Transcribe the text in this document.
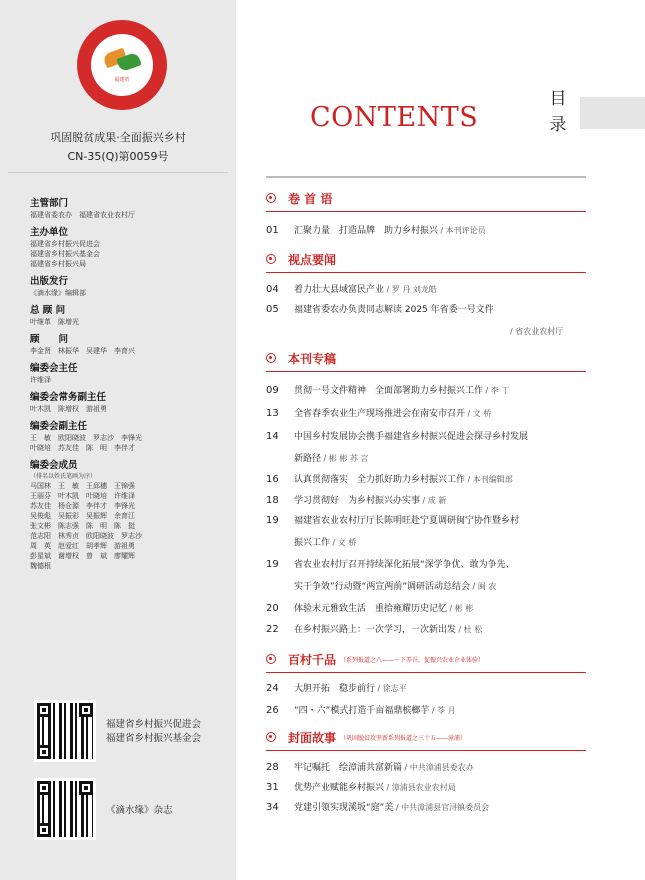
福建省
巩固脱贫成果·全面振兴乡村
CN-35(Q)第0059号
主管部门
福建省委农办　福建省农业农村厅
主办单位
福建省乡村振兴促进会
福建省乡村振兴基金会
福建省乡村振兴局
出版发行
《滴水缘》编辑部
总 顾 问
叶继革　陈增光
顾　　问
李金贤　林振华　吴建华　李育兴
编委会主任
许维泽
编委会常务副主任
叶木凯　陈增权　游祖勇
编委会副主任
王　敏　欧阳晓波　罗志沙　李锋光
叶晓培　苏友佳　陈　明　李伴才
编委会成员
（排名以姓氏笔画为序）
马国林　王　敏　王邱穗　王锦强
王丽芬　叶木凯　叶晓培　许维泽
苏友佳　杨仓源　李伴才　李锋光
吴俊彪　吴振彩　吴振辉　余育江
张文彬　陈志强　陈　明　陈　挺
范志阳　林秀贞　欧阳晓波　罗志沙
周　英　赵爱红　胡孝辉　游祖勇
彭星斌　谢增权　曾　斌　廖耀辉
魏德根
福建省乡村振兴促进会
福建省乡村振兴基金会
《滴水缘》杂志
CONTENTS
目
录
卷 首 语
01 汇聚力量　打造品牌　助力乡村振兴 / 本刊评论员
视点要闻
04 着力壮大县域富民产业 / 罗 丹 刘龙皓
05 福建省委农办负责同志解读 2025 年省委一号文件
/ 省农业农村厅
本刊专稿
09 贯彻一号文件精神　全面部署助力乡村振兴工作 / 李 丁
13 全省春季农业生产现场推进会在南安市召开 / 文 桥
14 中国乡村发展协会携手福建省乡村振兴促进会探寻乡村发展
新路径 / 彬 彬 苏 言
16 认真贯彻落实　全力抓好助力乡村振兴工作 / 本刊编辑部
18 学习贯彻好　为乡村振兴办实事 / 成 新
19 福建省农业农村厅厅长陈明旺赴宁夏调研闽宁协作暨乡村
振兴工作 / 文 桥
19 省农业农村厅召开持续深化拓展“深学争优、敢为争先、
实干争效”行动暨“两宣两前”调研活动总结会 / 闽 农
20 体验未元雅致生活　重拾雍耀历史记忆 / 彬 彬
22 在乡村振兴路上：一次学习，一次新出发 / 杜 松
百村千品 （系列报道之八——一下养升，促振兴农业企业体验）
24 大胆开拓　稳步前行 / 徐志平
26 “四・六”模式打造千亩福鼎槟榔芋 / 苓 月
封面故事 （巩固脱贫攻坚新系列报道之三十五——漳浦）
28 牢记嘱托　绘漳浦共富新篇 / 中共漳浦县委农办
31 优势产业赋能乡村振兴 / 漳浦县农业农村局
34 党建引领实现溪坂“庭”美 / 中共漳浦县官浔镇委员会
